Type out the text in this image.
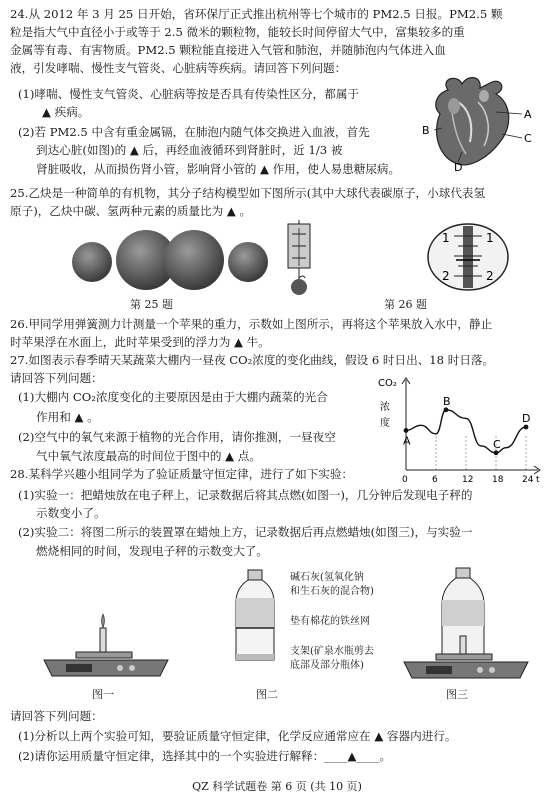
24.从 2012 年 3 月 25 日开始，省环保厅正式推出杭州等七个城市的 PM2.5 日报。PM2.5 颗
粒是指大气中直径小于或等于 2.5 微米的颗粒物，能较长时间停留大气中，富集较多的重
金属等有毒、有害物质。PM2.5 颗粒能直接进入气管和肺泡，并随肺泡内气体进入血
液，引发哮喘、慢性支气管炎、心脏病等疾病。请回答下列问题：
(1)哮喘、慢性支气管炎、心脏病等按是否具有传染性区分，都属于
▲ 疾病。
(2)若 PM2.5 中含有重金属镉，在肺泡内随气体交换进入血液，首先
到达心脏(如图)的 ▲ 后，再经血液循环到肾脏时，近 1/3 被
肾脏吸收，从而损伤肾小管，影响肾小管的 ▲ 作用，使人易患糖尿病。
A
C
B
D
25.乙炔是一种简单的有机物，其分子结构模型如下图所示(其中大球代表碳原子，小球代表氢
原子)，乙炔中碳、氢两种元素的质量比为 ▲ 。
第 25 题
1
2
1
2
第 26 题
26.甲同学用弹簧测力计测量一个苹果的重力，示数如上图所示，再将这个苹果放入水中，静止
时苹果浮在水面上，此时苹果受到的浮力为 ▲ 牛。
27.如图表示春季晴天某蔬菜大棚内一昼夜 CO₂浓度的变化曲线，假设 6 时日出、18 时日落。
请回答下列问题：
(1)大棚内 CO₂浓度变化的主要原因是由于大棚内蔬菜的光合
作用和 ▲ 。
(2)空气中的氧气来源于植物的光合作用，请你推测，一昼夜空
气中氧气浓度最高的时间位于图中的 ▲ 点。
CO₂
浓
度
0	6	12 18 24 t
A
B
C
D
28.某科学兴趣小组同学为了验证质量守恒定律，进行了如下实验：
(1)实验一：把蜡烛放在电子秤上，记录数据后将其点燃(如图一)，几分钟后发现电子秤的
示数变小了。
(2)实验二：将图二所示的装置罩在蜡烛上方，记录数据后再点燃蜡烛(如图三)，与实验一
燃烧相同的时间，发现电子秤的示数变大了。
图一
碱石灰(氢氧化钠
和生石灰的混合物)
垫有棉花的铁丝网
支架(矿泉水瓶剪去
底部及部分瓶体)
图二	图三
请回答下列问题：
(1)分析以上两个实验可知，要验证质量守恒定律，化学反应通常应在 ▲ 容器内进行。
(2)请你运用质量守恒定律，选择其中的一个实验进行解释：____▲____。
QZ 科学试题卷 第 6 页 (共 10 页)
